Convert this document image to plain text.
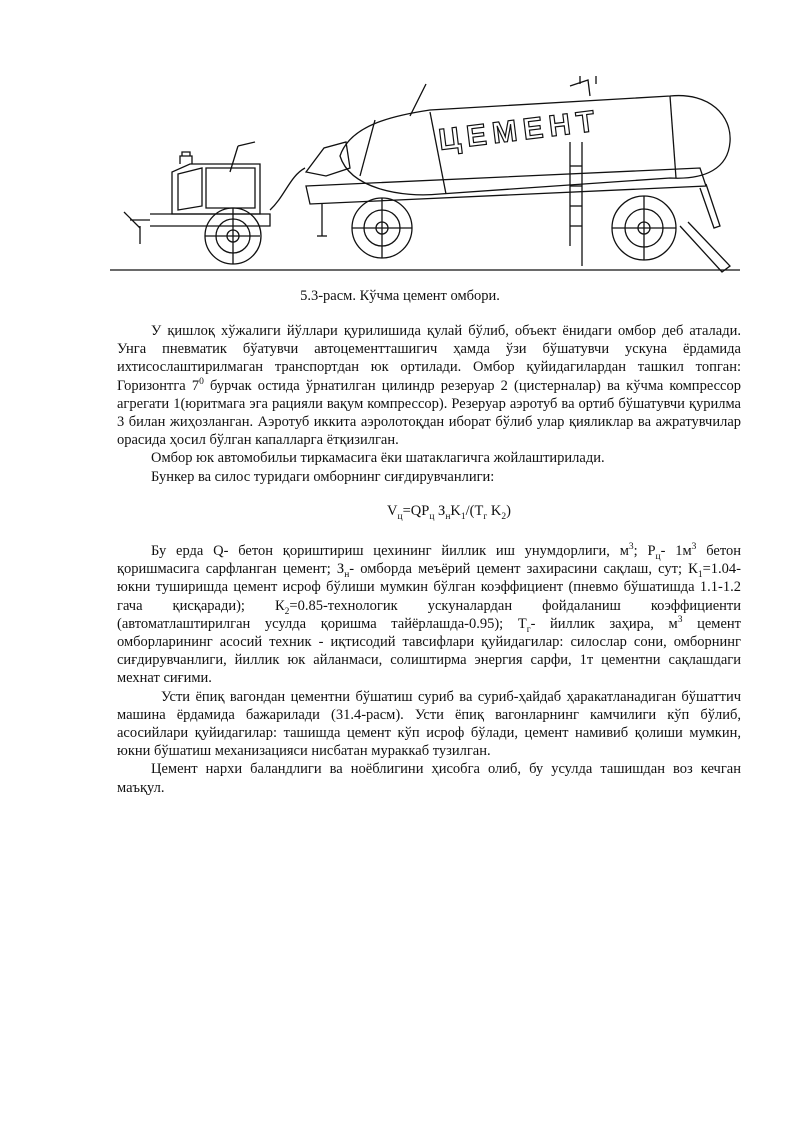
ЦЕМЕНТ
5.3-расм. Кўчма цемент омбори.

У қишлоқ хўжалиги йўллари қурилишида қулай бўлиб, объект ёнидаги омбор деб аталади. Унга пневматик бўатувчи автоцементташигич ҳамда ўзи бўшатувчи ускуна ёрдамида ихтисослаштирилмаган транспортдан юк ортилади. Омбор қуйидагилардан ташкил топган: Горизонтга $7^0$ бурчак остида ўрнатилган цилиндр резеруар 2 (цистерналар) ва кўчма компрессор агрегати 1(юритмага эга рацияли вақум компрессор). Резеруар аэротуб ва ортиб бўшатувчи қурилма 3 билан жиҳозланган. Аэротуб иккита аэролотоқдан иборат бўлиб улар қияликлар ва ажратувчилар орасида ҳосил бўлган капалларга ётқизилган.

Омбор юк автомобильи тиркамасига ёки шатаклагичга жойлаштирилади.

Бункер ва силос туридаги омборнинг сиғдирувчанлиги:

$V_ц=QP_ц$ $З_нK_1/(T_г$ $K_2$)

Бу ерда Q- бетон қориштириш цехининг йиллик иш унумдорлиги, $м^3$; $Р_ц-$ $1м^3$ бетон қоришмасига сарфланган цемент; $З_н-$ омборда меъёрий цемент захирасини сақлаш, сут; $К_1=1.04-$ юкни туширишда цемент исроф бўлиши мумкин бўлган коэффициент (пневмо бўшатишда 1.1-1.2 гача қисқаради); $К_2=0.85$-технологик ускуналардан фойдаланиш коэффициенти (автоматлаштирилган усулда қоришма тайёрлашда-0.95); $Т_г-$ йиллик заҳира, $м^3$ цемент омборларининг асосий техник - иқтисодий тавсифлари қуйидагилар: силослар сони, омборнинг сиғдирувчанлиги, йиллик юк айланмаси, солиштирма энергия сарфи, 1т цементни сақлашдаги мехнат сиғими.

Усти ёпиқ вагондан цементни бўшатиш суриб ва суриб-ҳайдаб ҳаракатланадиган бўшаттич машина ёрдамида бажарилади (31.4-расм). Усти ёпиқ вагонларнинг камчилиги кўп бўлиб, асосийлари қуйидагилар: ташишда цемент кўп исроф бўлади, цемент намивиб қолиши мумкин, юкни бўшатиш механизацияси нисбатан мураккаб тузилган.

Цемент нархи баландлиги ва ноёблигини ҳисобга олиб, бу усулда ташишдан воз кечган маъқул.
